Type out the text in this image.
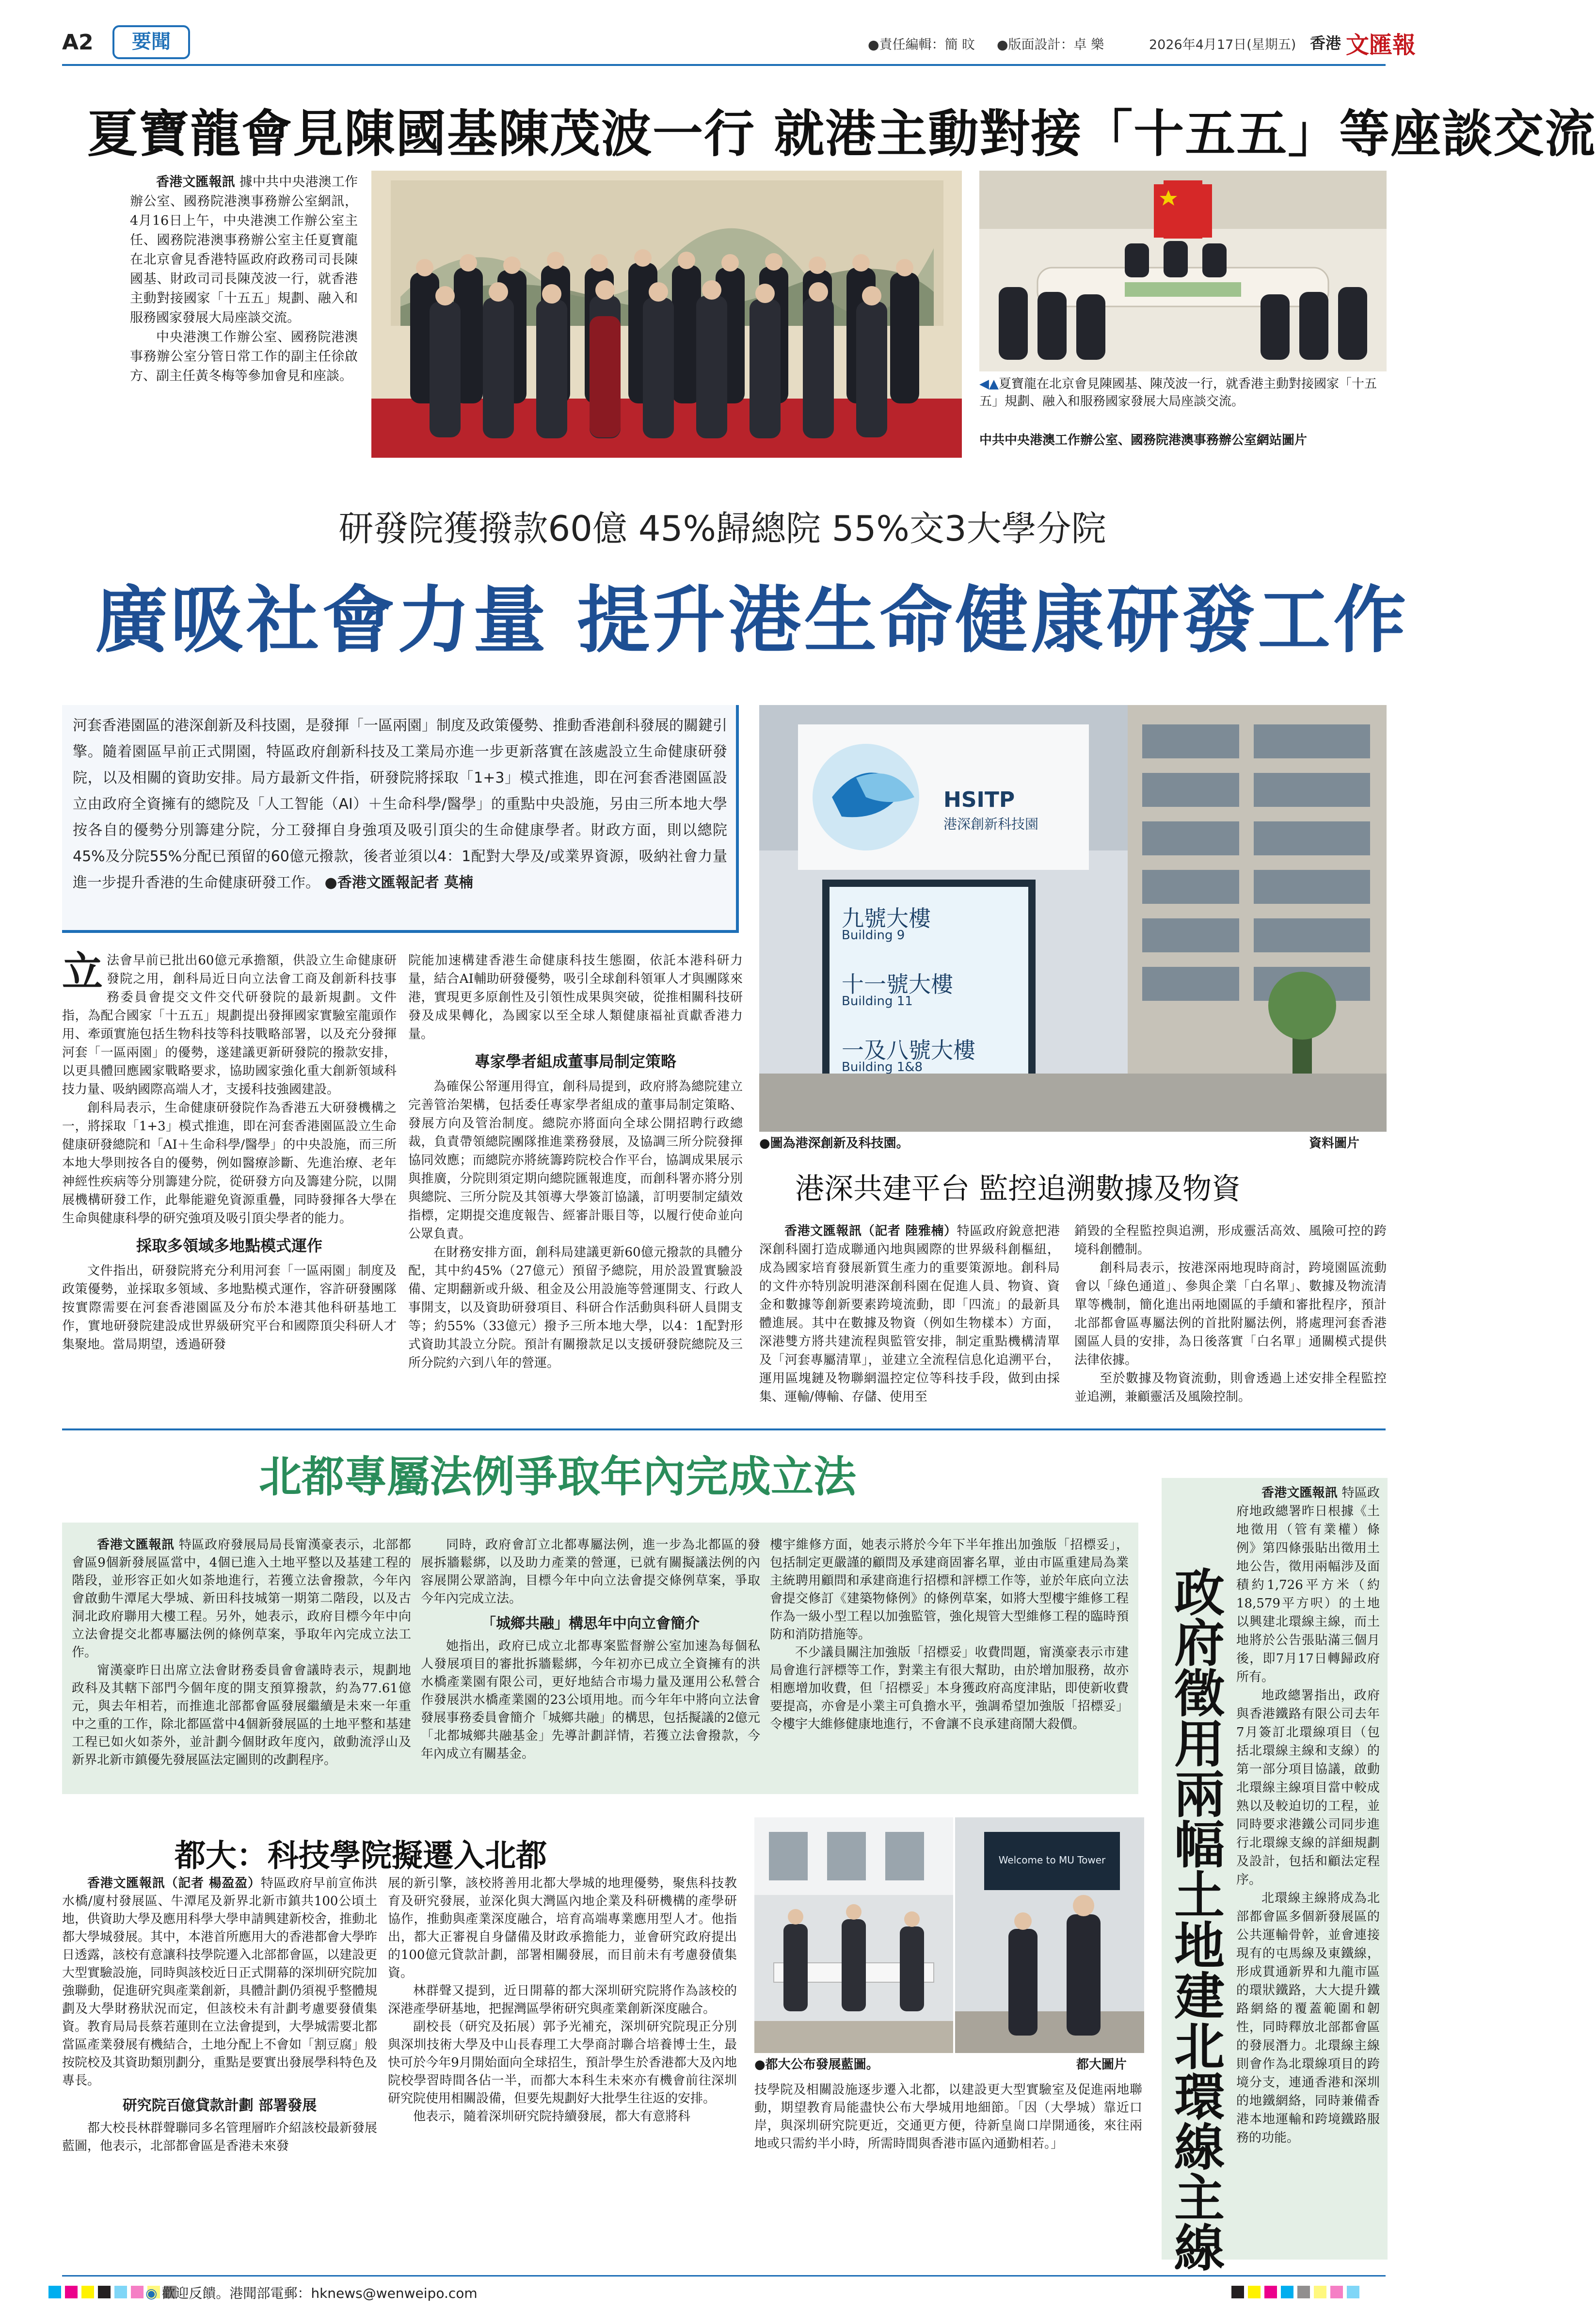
A2	要聞	●責任編輯：簡 旼 ●版面設計：卓 樂	2026年4月17日(星期五) 香港 文匯報
夏寶龍會見陳國基陳茂波一行 就港主動對接「十五五」等座談交流

香港文匯報訊 據中共中央港澳工作辦公室、國務院港澳事務辦公室網訊，4月16日上午，中央港澳工作辦公室主任、國務院港澳事務辦公室主任夏寶龍在北京會見香港特區政府政務司司長陳國基、財政司司長陳茂波一行，就香港主動對接國家「十五五」規劃、融入和服務國家發展大局座談交流。

中央港澳工作辦公室、國務院港澳事務辦公室分管日常工作的副主任徐啟方、副主任黃冬梅等參加會見和座談。

◀▲夏寶龍在北京會見陳國基、陳茂波一行，就香港主動對接國家「十五五」規劃、融入和服務國家發展大局座談交流。
中共中央港澳工作辦公室、國務院港澳事務辦公室網站圖片
研發院獲撥款60億 45%歸總院 55%交3大學分院
廣吸社會力量 提升港生命健康研發工作
河套香港園區的港深創新及科技園，是發揮「一區兩園」制度及政策優勢、推動香港創科發展的關鍵引擎。隨着園區早前正式開園，特區政府創新科技及工業局亦進一步更新落實在該處設立生命健康研發院，以及相關的資助安排。局方最新文件指，研發院將採取「1+3」模式推進，即在河套香港園區設立由政府全資擁有的總院及「人工智能（AI）＋生命科學/醫學」的重點中央設施，另由三所本地大學按各自的優勢分別籌建分院，分工發揮自身強項及吸引頂尖的生命健康學者。財政方面，則以總院45%及分院55%分配已預留的60億元撥款，後者並須以4：1配對大學及/或業界資源，吸納社會力量進一步提升香港的生命健康研發工作。 ●香港文匯報記者 莫楠

立法會早前已批出60億元承擔額，供設立生命健康研發院之用，創科局近日向立法會工商及創新科技事務委員會提交文件交代研發院的最新規劃。文件指，為配合國家「十五五」規劃提出發揮國家實驗室龍頭作用、牽頭實施包括生物科技等科技戰略部署，以及充分發揮河套「一區兩園」的優勢，遂建議更新研發院的撥款安排，以更具體回應國家戰略要求，協助國家強化重大創新領域科技力量、吸納國際高端人才，支援科技強國建設。

創科局表示，生命健康研發院作為香港五大研發機構之一，將採取「1+3」模式推進，即在河套香港園區設立生命健康研發總院和「AI＋生命科學/醫學」的中央設施，而三所本地大學則按各自的優勢，例如醫療診斷、先進治療、老年神經性疾病等分別籌建分院，從研發方向及籌建分院，以開展機構研發工作，此舉能避免資源重疊，同時發揮各大學在生命與健康科學的研究強項及吸引頂尖學者的能力。

採取多領域多地點模式運作

文件指出，研發院將充分利用河套「一區兩園」制度及政策優勢，並採取多領域、多地點模式運作，容許研發團隊按實際需要在河套香港園區及分布於本港其他科研基地工作，實地研發院建設成世界級研究平台和國際頂尖科研人才集聚地。當局期望，透過研發

院能加速構建香港生命健康科技生態圈，依託本港科研力量，結合AI輔助研發優勢，吸引全球創科領軍人才與團隊來港，實現更多原創性及引領性成果與突破，從推相關科技研發及成果轉化，為國家以至全球人類健康福祉貢獻香港力量。

專家學者組成董事局制定策略

為確保公帑運用得宜，創科局提到，政府將為總院建立完善管治架構，包括委任專家學者組成的董事局制定策略、發展方向及管治制度。總院亦將面向全球公開招聘行政總裁，負責帶領總院團隊推進業務發展，及協調三所分院發揮協同效應；而總院亦將統籌跨院校合作平台，協調成果展示與推廣，分院則須定期向總院匯報進度，而創科署亦將分別與總院、三所分院及其領導大學簽訂協議，訂明要制定績效指標，定期提交進度報告、經審計賬目等，以履行使命並向公眾負責。

在財務安排方面，創科局建議更新60億元撥款的具體分配，其中約45%（27億元）預留予總院，用於設置實驗設備、定期翻新或升級、租金及公用設施等營運開支、行政人事開支，以及資助研發項目、科研合作活動與科研人員開支等；約55%（33億元）撥予三所本地大學，以4：1配對形式資助其設立分院。預計有關撥款足以支援研發院總院及三所分院約六到八年的營運。

HSITP
港深創新科技園
九號大樓
Building 9
十一號大樓
Building 11
一及八號大樓
Building 1&8
●圖為港深創新及科技園。	資料圖片
港深共建平台 監控追溯數據及物資

香港文匯報訊（記者 陸雅楠）特區政府銳意把港深創科園打造成聯通內地與國際的世界級科創樞紐，成為國家培育發展新質生產力的重要策源地。創科局的文件亦特別說明港深創科園在促進人員、物資、資金和數據等創新要素跨境流動，即「四流」的最新具體進展。其中在數據及物資（例如生物樣本）方面，深港雙方將共建流程與監管安排，制定重點機構清單及「河套專屬清單」，並建立全流程信息化追溯平台，運用區塊鏈及物聯網溫控定位等科技手段，做到由採集、運輸/傳輸、存儲、使用至

銷毀的全程監控與追溯，形成靈活高效、風險可控的跨境科創體制。

創科局表示，按港深兩地現時商討，跨境園區流動會以「綠色通道」、參與企業「白名單」、數據及物流清單等機制，簡化進出兩地園區的手續和審批程序，預計北部都會區專屬法例的首批附屬法例，將處理河套香港園區人員的安排，為日後落實「白名單」通關模式提供法律依據。

至於數據及物資流動，則會透過上述安排全程監控並追溯，兼顧靈活及風險控制。

北都專屬法例爭取年內完成立法

香港文匯報訊 特區政府發展局局長甯漢豪表示，北部都會區9個新發展區當中，4個已進入土地平整以及基建工程的階段，並形容正如火如荼地進行，若獲立法會撥款，今年內會啟動牛潭尾大學城、新田科技城第一期第二階段，以及古洞北政府聯用大樓工程。另外，她表示，政府目標今年中向立法會提交北都專屬法例的條例草案，爭取年內完成立法工作。

甯漢豪昨日出席立法會財務委員會會議時表示，規劃地政科及其轄下部門今個年度的開支預算撥款，約為77.61億元，與去年相若，而推進北部都會區發展繼續是未來一年重中之重的工作，除北都區當中4個新發展區的土地平整和基建工程已如火如荼外，並計劃今個財政年度內，啟動流浮山及新界北新市鎮優先發展區法定圖則的改劃程序。

同時，政府會訂立北都專屬法例，進一步為北都區的發展拆牆鬆綁，以及助力產業的營運，已就有關擬議法例的內容展開公眾諮詢，目標今年中向立法會提交條例草案，爭取今年內完成立法。

「城鄉共融」構思年中向立會簡介

她指出，政府已成立北都專案監督辦公室加速為每個私人發展項目的審批拆牆鬆綁，今年初亦已成立全資擁有的洪水橋產業園有限公司，更好地結合市場力量及運用公私營合作發展洪水橋產業園的23公頃用地。而今年年中將向立法會發展事務委員會簡介「城鄉共融」的構思，包括擬議的2億元「北都城鄉共融基金」先導計劃詳情，若獲立法會撥款，今年內成立有關基金。

樓宇維修方面，她表示將於今年下半年推出加強版「招標妥」，包括制定更嚴謹的顧問及承建商固審名單，並由市區重建局為業主統聘用顧問和承建商進行招標和評標工作等，並於年底向立法會提交修訂《建築物條例》的條例草案，如將大型樓宇維修工程作為一級小型工程以加強監管，強化規管大型維修工程的臨時預防和消防措施等。

不少議員關注加強版「招標妥」收費問題，甯漢豪表示市建局會進行評標等工作，對業主有很大幫助，由於增加服務，故亦相應增加收費，但「招標妥」本身獲政府高度津貼，即使新收費要提高，亦會是小業主可負擔水平，強調希望加強版「招標妥」令樓宇大維修健康地進行，不會讓不良承建商鬧大殺價。	政府徵用兩幅土地建北環線主線

香港文匯報訊 特區政府地政總署昨日根據《土地徵用（管有業權）條例》第四條張貼出徵用土地公告，徵用兩幅涉及面積約1,726平方米（約18,579平方呎）的土地以興建北環線主線，而土地將於公告張貼滿三個月後，即7月17日轉歸政府所有。

地政總署指出，政府與香港鐵路有限公司去年7月簽訂北環線項目（包括北環線主線和支線）的第一部分項目協議，啟動北環線主線項目當中較成熟以及較迫切的工程，並同時要求港鐵公司同步進行北環線支線的詳細規劃及設計，包括和顧法定程序。

北環線主線將成為北部都會區多個新發展區的公共運輸骨幹，並會連接現有的屯馬線及東鐵線，形成貫通新界和九龍市區的環狀鐵路，大大提升鐵路網絡的覆蓋範圍和韌性，同時釋放北部都會區的發展潛力。北環線主線則會作為北環線項目的跨境分支，連通香港和深圳的地鐵網絡，同時兼備香港本地運輸和跨境鐵路服務的功能。

都大：科技學院擬遷入北都

香港文匯報訊（記者 楊盈盈）特區政府早前宣佈洪水橋/廈村發展區、牛潭尾及新界北新市鎮共100公頃土地，供資助大學及應用科學大學申請興建新校舍，推動北都大學城發展。其中，本港首所應用大的香港都會大學昨日透露，該校有意讓科技學院遷入北部都會區，以建設更大型實驗設施，同時與該校近日正式開幕的深圳研究院加強聯動，促進研究與產業創新，具體計劃仍須視乎整體規劃及大學財務狀況而定，但該校未有計劃考慮要發債集資。教育局局長蔡若蓮則在立法會提到，大學城需要北都當區產業發展有機結合，土地分配上不會如「割豆腐」般按院校及其資助類別劃分，重點是要實出發展學科特色及專長。

研究院百億貸款計劃 部署發展

都大校長林群聲聯同多名管理層昨介紹該校最新發展藍圖，他表示，北部都會區是香港未來發

展的新引擎，該校將善用北都大學城的地理優勢，聚焦科技教育及研究發展，並深化與大灣區內地企業及科研機構的產學研協作，推動與產業深度融合，培育高端專業應用型人才。他指出，都大正審視自身儲備及財政承擔能力，並會研究政府提出的100億元貸款計劃，部署相關發展，而目前未有考慮發債集資。

林群聲又提到，近日開幕的都大深圳研究院將作為該校的深港產學研基地，把握灣區學術研究與產業創新深度融合。

副校長（研究及拓展）郭予光補充，深圳研究院現正分別與深圳技術大學及中山長春理工大學商討聯合培養博士生，最快可於今年9月開始面向全球招生，預計學生於香港都大及內地院校學習時間各佔一半，而都大本科生未來亦有機會前往深圳研究院使用相關設備，但要先規劃好大批學生往返的安排。

他表示，隨着深圳研究院持續發展，都大有意將科

Welcome to MU Tower
●都大公布發展藍圖。	都大圖片

技學院及相關設施逐步遷入北都，以建設更大型實驗室及促進兩地聯動，期望教育局能盡快公布大學城用地細節。「因（大學城）靠近口岸，與深圳研究院更近，交通更方便，待新皇崗口岸開通後，來往兩地或只需約半小時，所需時間與香港市區內通勤相若。」

◉ 歡迎反饋。港聞部電郵：hknews@wenweipo.com
